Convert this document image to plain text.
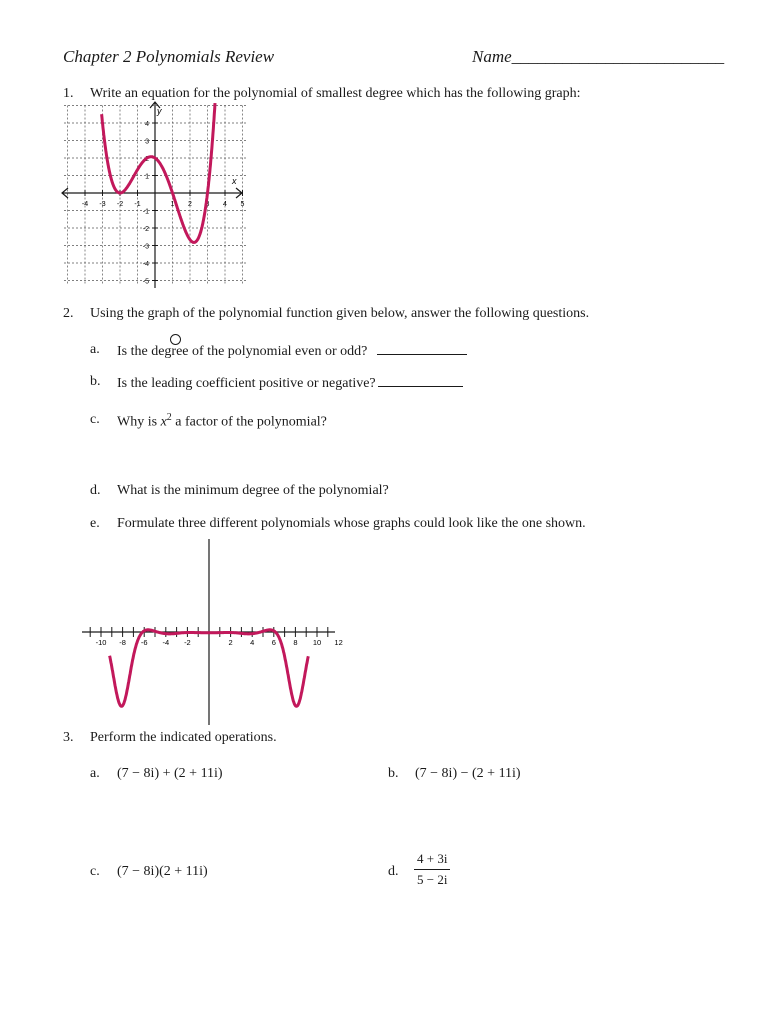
Chapter 2 Polynomials Review	Name_________________________
1. Write an equation for the polynomial of smallest degree which has the following graph:
-4 -3 -2 -1	1 2 3 4 5
4
3
2
1
-1
-2
-3
-4
-5
x
y
2. Using the graph of the polynomial function given below, answer the following questions.
a. Is the degree of the polynomial even or odd?
b. Is the leading coefficient positive or negative?
c. Why is $x^2$ a factor of the polynomial?
d. What is the minimum degree of the polynomial?
e. Formulate three different polynomials whose graphs could look like the one shown.
-10 -8 -6 -4 -2	2 4 6 8 10 12
3. Perform the indicated operations.
a. (7 − 8i) + (2 + 11i)	b. (7 − 8i) − (2 + 11i)
c. (7 − 8i)(2 + 11i)	d. $\frac{4 + 3i}{5 - 2i}$
